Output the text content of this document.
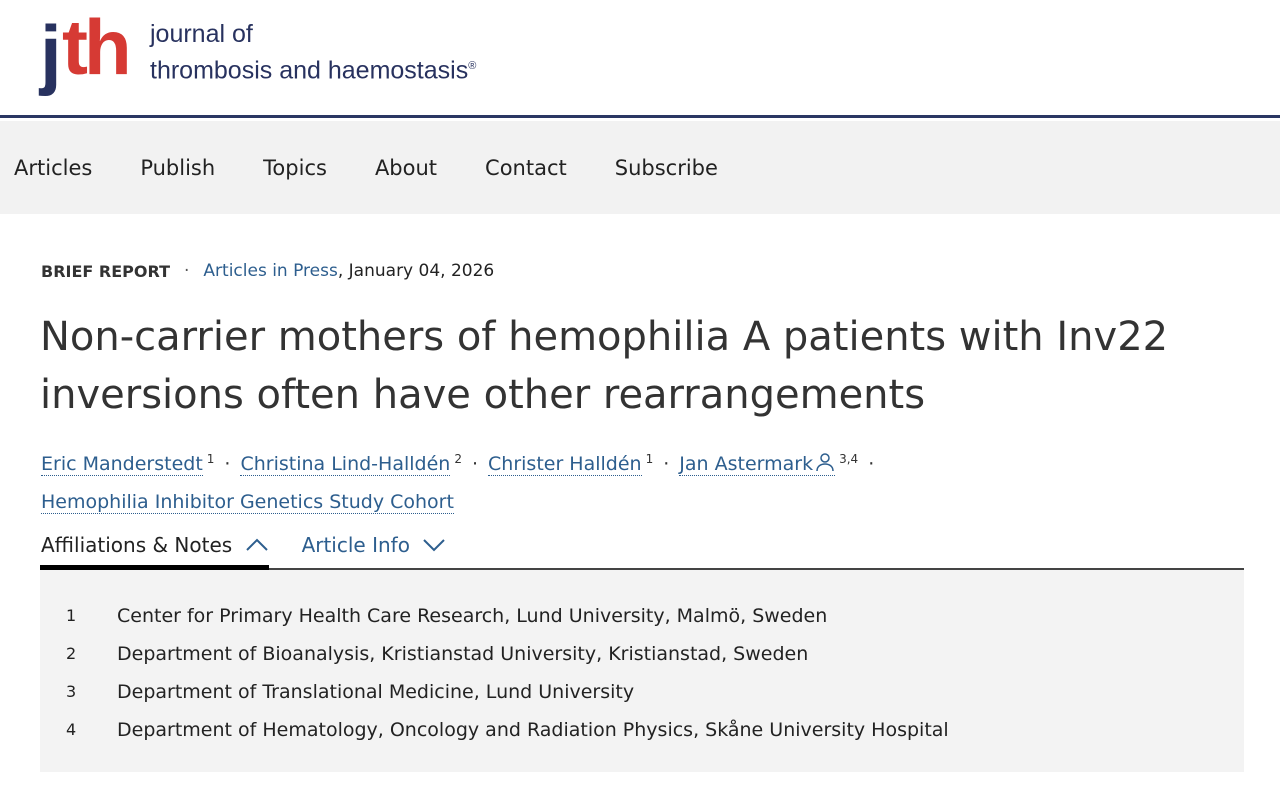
j th journal of
thrombosis and haemostasis®
Articles Publish Topics About Contact Subscribe
BRIEF REPORT · Articles in Press , January 04, 2026
Non-carrier mothers of hemophilia A patients with Inv22 inversions often have other rearrangements
Eric Manderstedt $^1$ · Christina Lind-Halldén $^2$ · Christer Halldén $^1$ · Jan Astermark $^{3,4}$ ·
Hemophilia Inhibitor Genetics Study Cohort
Affiliations & Notes	Article Info
1	Center for Primary Health Care Research, Lund University, Malmö, Sweden
2	Department of Bioanalysis, Kristianstad University, Kristianstad, Sweden
3	Department of Translational Medicine, Lund University
4	Department of Hematology, Oncology and Radiation Physics, Skåne University Hospital
